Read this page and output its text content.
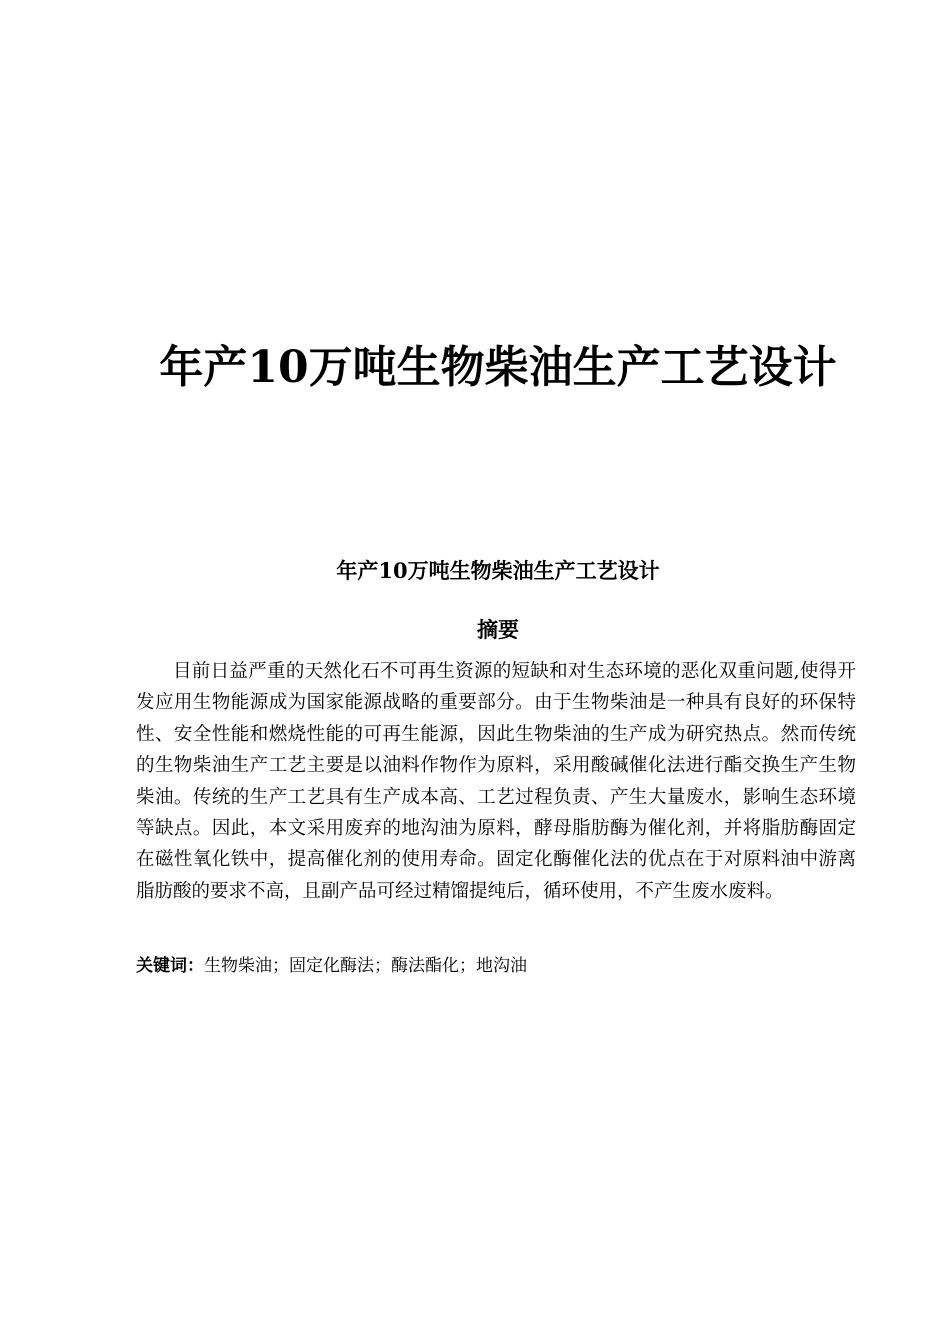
年产10万吨生物柴油生产工艺设计
年产10万吨生物柴油生产工艺设计
摘要

目前日益严重的天然化石不可再生资源的短缺和对生态环境的恶化双重问题,使得开发应用生物能源成为国家能源战略的重要部分。由于生物柴油是一种具有良好的环保特性、安全性能和燃烧性能的可再生能源，因此生物柴油的生产成为研究热点。然而传统的生物柴油生产工艺主要是以油料作物作为原料，采用酸碱催化法进行酯交换生产生物柴油。传统的生产工艺具有生产成本高、工艺过程负责、产生大量废水，影响生态环境等缺点。因此，本文采用废弃的地沟油为原料，酵母脂肪酶为催化剂，并将脂肪酶固定在磁性氧化铁中，提高催化剂的使用寿命。固定化酶催化法的优点在于对原料油中游离脂肪酸的要求不高，且副产品可经过精馏提纯后，循环使用，不产生废水废料。

关键词：生物柴油；固定化酶法；酶法酯化；地沟油
